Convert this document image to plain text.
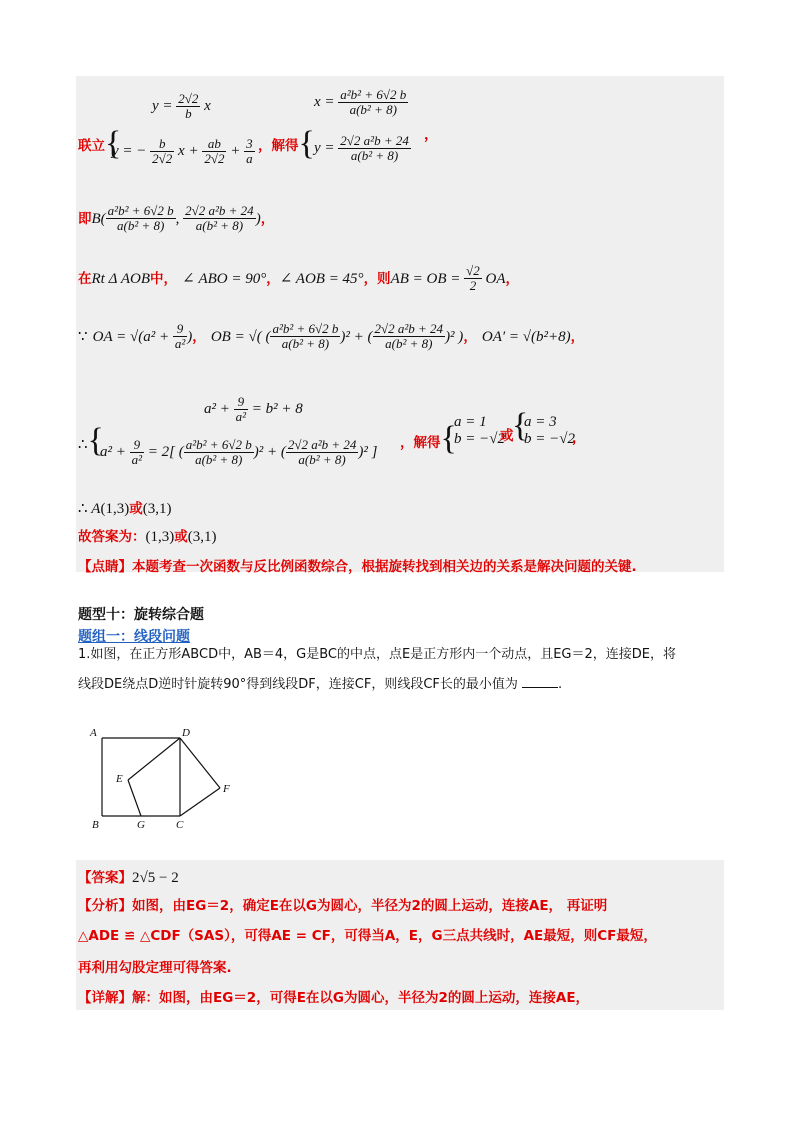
联立{
$y = \frac{2√2}{b}$ x
y = − $\frac{b}{2√2}$ $x + \frac{ab}{2√2} + \frac{3}{a}$ ，解得{
$x = \frac{\text{a²b² + 6√2 b}}{\text{a(b² + 8)}}$
$y = \frac{\text{2√2 a²b + 24}}{\text{a(b² + 8)}}$ ，
即$B( \frac{\text{a²b² + 6√2 b}}{\text{a(b² + 8)}}$ , $\frac{\text{2√2 a²b + 24}}{\text{a(b² + 8)}}$ )，
在Rt Δ AOB中， ∠ ABO = 90°，∠ AOB = 45°，则AB = OB = $\frac{√2}{2}$ OA，
∵ OA = $√(a^2 + \frac{9}{\text{a²}}$ )， OB = √( ( $\frac{\text{a²b² + 6√2 b}}{\text{a(b² + 8)}} )^2$ + ( $\frac{\text{2√2 a²b + 24}}{\text{a(b² + 8)}} )^2$ )， OA′ = √(b²+8)，
∴{
$a^2 + \frac{9}{\text{a²}} = b^2 + 8$
$a^2 + \frac{9}{\text{a²}} = 2$[ ( $\frac{\text{a²b² + 6√2 b}}{\text{a(b² + 8)}} )^2$ + ( $\frac{\text{2√2 a²b + 24}}{\text{a(b² + 8)}} )^2$ ]
，解得{
a = 1
b = −√2
或
{
a = 3
b = −√2
，
∴ A(1,3)或(3,1)
故答案为：(1,3)或(3,1)
【点睛】本题考查一次函数与反比例函数综合，根据旋转找到相关边的关系是解决问题的关键.
题型十：旋转综合题
题组一：线段问题
1.如图，在正方形ABCD中，AB＝4，G是BC的中点，点E是正方形内一个动点，且EG＝2，连接DE，将
线段DE绕点D逆时针旋转90°得到线段DF，连接CF，则线段CF长的最小值为	.
A	D
E
F
B	G	C
【答案】2√5 − 2
【分析】如图，由EG＝2，确定E在以G为圆心，半径为2的圆上运动，连接AE， 再证明
△ADE ≌ △CDF（SAS），可得AE = CF，可得当A，E，G三点共线时，AE最短，则CF最短，
再利用勾股定理可得答案.
【详解】解：如图，由EG＝2，可得E在以G为圆心，半径为2的圆上运动，连接AE，
